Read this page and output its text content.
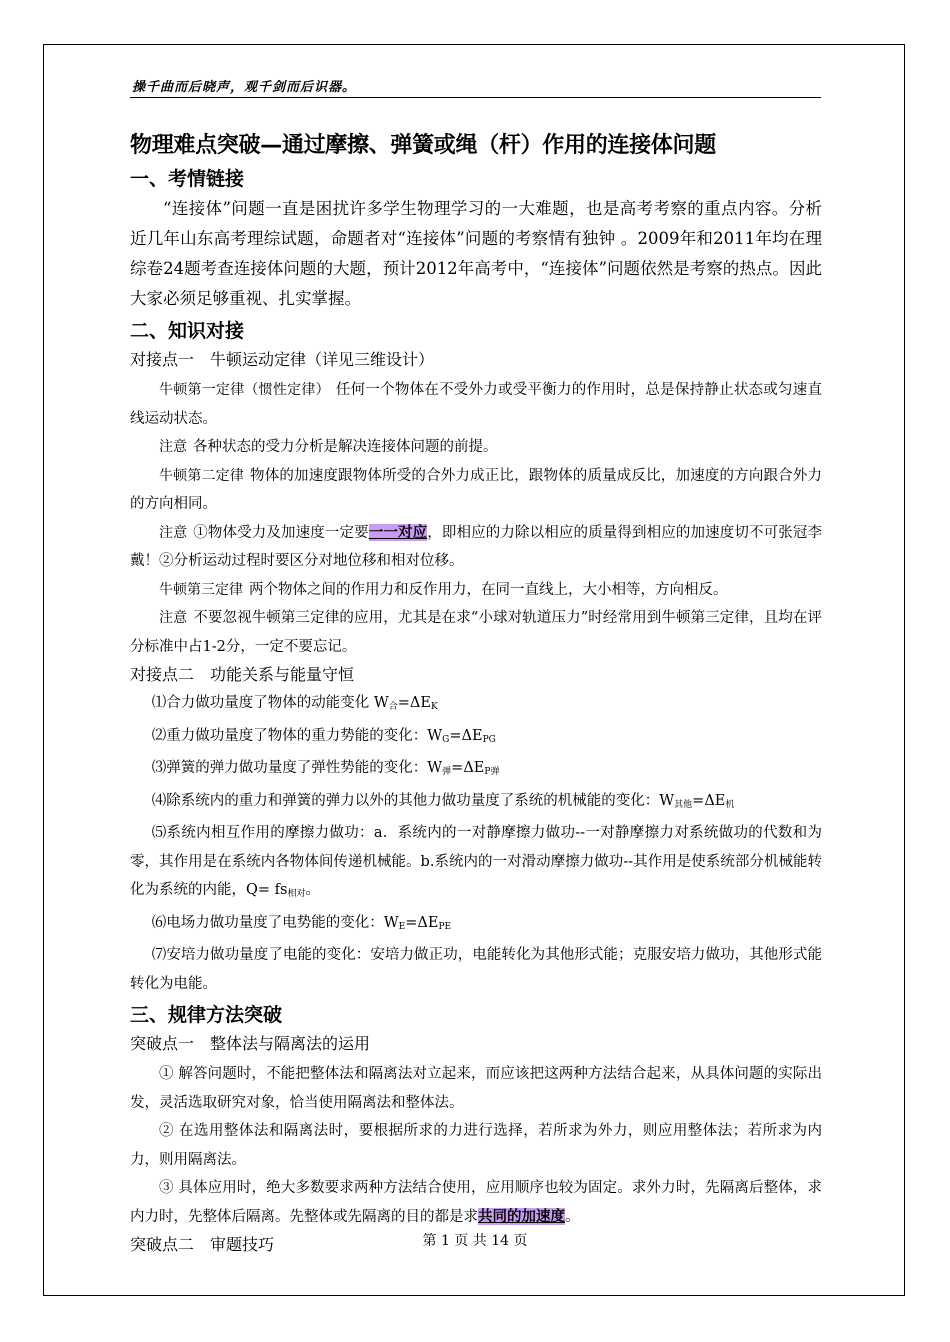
操千曲而后晓声，观千剑而后识器。
物理难点突破—通过摩擦、弹簧或绳（杆）作用的连接体问题
一、考情链接

“连接体”问题一直是困扰许多学生物理学习的一大难题，也是高考考察的重点内容。分析近几年山东高考理综试题，命题者对“连接体”问题的考察情有独钟 。2009年和2011年均在理综卷24题考查连接体问题的大题，预计2012年高考中，“连接体”问题依然是考察的热点。因此大家必须足够重视、扎实掌握。

二、知识对接
对接点一　牛顿运动定律（详见三维设计）

牛顿第一定律（惯性定律） 任何一个物体在不受外力或受平衡力的作用时，总是保持静止状态或匀速直线运动状态。

注意 各种状态的受力分析是解决连接体问题的前提。

牛顿第二定律 物体的加速度跟物体所受的合外力成正比，跟物体的质量成反比，加速度的方向跟合外力的方向相同。

注意 ①物体受力及加速度一定要一一对应，即相应的力除以相应的质量得到相应的加速度切不可张冠李戴！②分析运动过程时要区分对地位移和相对位移。

牛顿第三定律 两个物体之间的作用力和反作用力，在同一直线上，大小相等，方向相反。

注意 不要忽视牛顿第三定律的应用，尤其是在求“小球对轨道压力”时经常用到牛顿第三定律，且均在评分标准中占1-2分，一定不要忘记。

对接点二　功能关系与能量守恒

⑴合力做功量度了物体的动能变化 $W_合=\Delta E_K$

⑵重力做功量度了物体的重力势能的变化：$W_G=\Delta E_{PG}$

⑶弹簧的弹力做功量度了弹性势能的变化：$W_弹=\Delta E_{P弹}$

⑷除系统内的重力和弹簧的弹力以外的其他力做功量度了系统的机械能的变化：$W_{其他}=\Delta E_机$

⑸系统内相互作用的摩擦力做功：a．系统内的一对静摩擦力做功--一对静摩擦力对系统做功的代数和为零，其作用是在系统内各物体间传递机械能。b.系统内的一对滑动摩擦力做功--其作用是使系统部分机械能转化为系统的内能，$Q= fs_{相对}$。

⑹电场力做功量度了电势能的变化：$W_E=\Delta E_{PE}$

⑺安培力做功量度了电能的变化：安培力做正功，电能转化为其他形式能；克服安培力做功，其他形式能转化为电能。

三、规律方法突破
突破点一　整体法与隔离法的运用

① 解答问题时，不能把整体法和隔离法对立起来，而应该把这两种方法结合起来，从具体问题的实际出发，灵活选取研究对象，恰当使用隔离法和整体法。

② 在选用整体法和隔离法时，要根据所求的力进行选择，若所求为外力，则应用整体法；若所求为内力，则用隔离法。

③ 具体应用时，绝大多数要求两种方法结合使用，应用顺序也较为固定。求外力时，先隔离后整体，求内力时，先整体后隔离。先整体或先隔离的目的都是求共同的加速度。

突破点二　审题技巧	第 1 页 共 14 页
